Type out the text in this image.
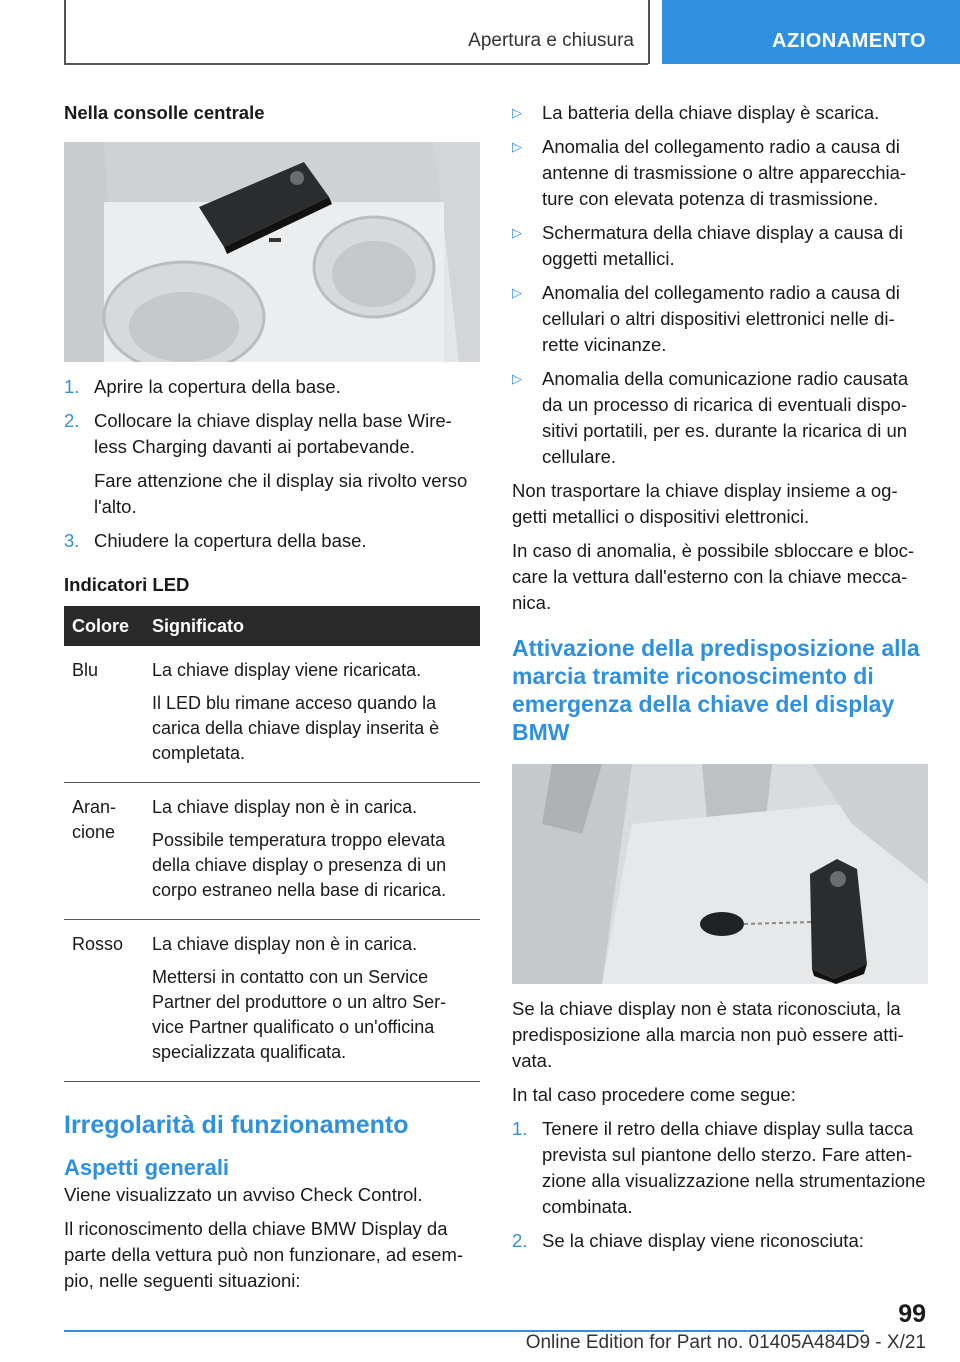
Apertura e chiusura	AZIONAMENTO
Nella consolle centrale
1. Aprire la copertura della base.
2. Collocare la chiave display nella base Wire-less Charging davanti ai portabevande.
Fare attenzione che il display sia rivolto verso l'alto.
3. Chiudere la copertura della base.
Indicatori LED
Colore	Significato
Blu	La chiave display viene ricaricata.
Il LED blu rimane acceso quando la carica della chiave display inserita è completata.

Aran-cione	La chiave display non è in carica.
Possibile temperatura troppo elevata della chiave display o presenza di un corpo estraneo nella base di ricarica.

Rosso	La chiave display non è in carica.
Mettersi in contatto con un Service Partner del produttore o un altro Ser-vice Partner qualificato o un'officina specializzata qualificata.
Irregolarità di funzionamento
Aspetti generali

Viene visualizzato un avviso Check Control.

Il riconoscimento della chiave BMW Display da parte della vettura può non funzionare, ad esem-pio, nelle seguenti situazioni:

▷ La batteria della chiave display è scarica.
▷ Anomalia del collegamento radio a causa di antenne di trasmissione o altre apparecchia-ture con elevata potenza di trasmissione.
▷ Schermatura della chiave display a causa di oggetti metallici.
▷ Anomalia del collegamento radio a causa di cellulari o altri dispositivi elettronici nelle di-rette vicinanze.
▷ Anomalia della comunicazione radio causata da un processo di ricarica di eventuali dispo-sitivi portatili, per es. durante la ricarica di un cellulare.

Non trasportare la chiave display insieme a og-getti metallici o dispositivi elettronici.

In caso di anomalia, è possibile sbloccare e bloc-care la vettura dall'esterno con la chiave mecca-nica.

Attivazione della predisposizione alla marcia tramite riconoscimento di emergenza della chiave del display BMW

Se la chiave display non è stata riconosciuta, la predisposizione alla marcia non può essere atti-vata.

In tal caso procedere come segue:

1. Tenere il retro della chiave display sulla tacca prevista sul piantone dello sterzo. Fare atten-zione alla visualizzazione nella strumentazione combinata.
2. Se la chiave display viene riconosciuta:
99
Online Edition for Part no. 01405A484D9 - X/21
